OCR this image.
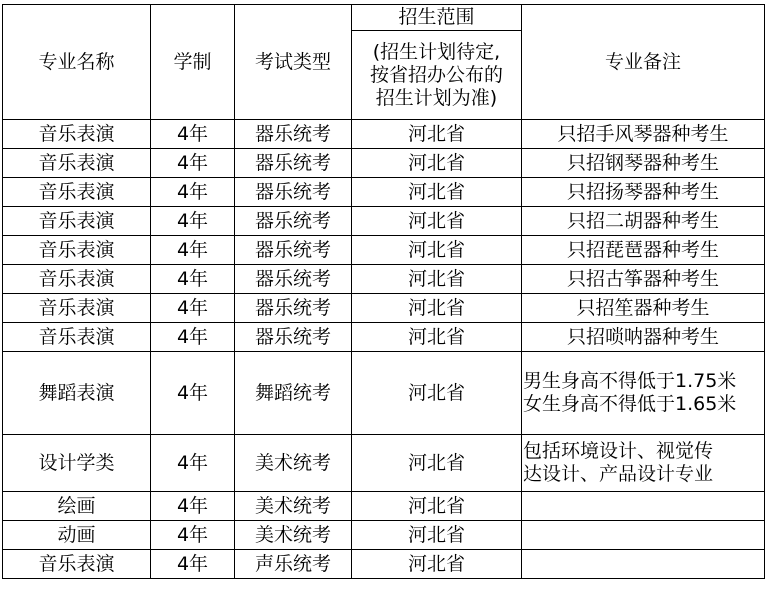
专业名称	学制	考试类型	招生范围	专业备注

			(招生计划待定,
按省招办公布的
招生计划为准)	

音乐表演	4年	器乐统考	河北省	只招手风琴器种考生

音乐表演	4年	器乐统考	河北省	只招钢琴器种考生

音乐表演	4年	器乐统考	河北省	只招扬琴器种考生

音乐表演	4年	器乐统考	河北省	只招二胡器种考生

音乐表演	4年	器乐统考	河北省	只招琵琶器种考生

音乐表演	4年	器乐统考	河北省	只招古筝器种考生

音乐表演	4年	器乐统考	河北省	只招笙器种考生

音乐表演	4年	器乐统考	河北省	只招唢呐器种考生

舞蹈表演	4年	舞蹈统考	河北省	男生身高不得低于1.75米
女生身高不得低于1.65米

设计学类	4年	美术统考	河北省	包括环境设计、视觉传
达设计、产品设计专业

绘画	4年	美术统考	河北省	
动画	4年	美术统考	河北省	
音乐表演	4年	声乐统考	河北省	
